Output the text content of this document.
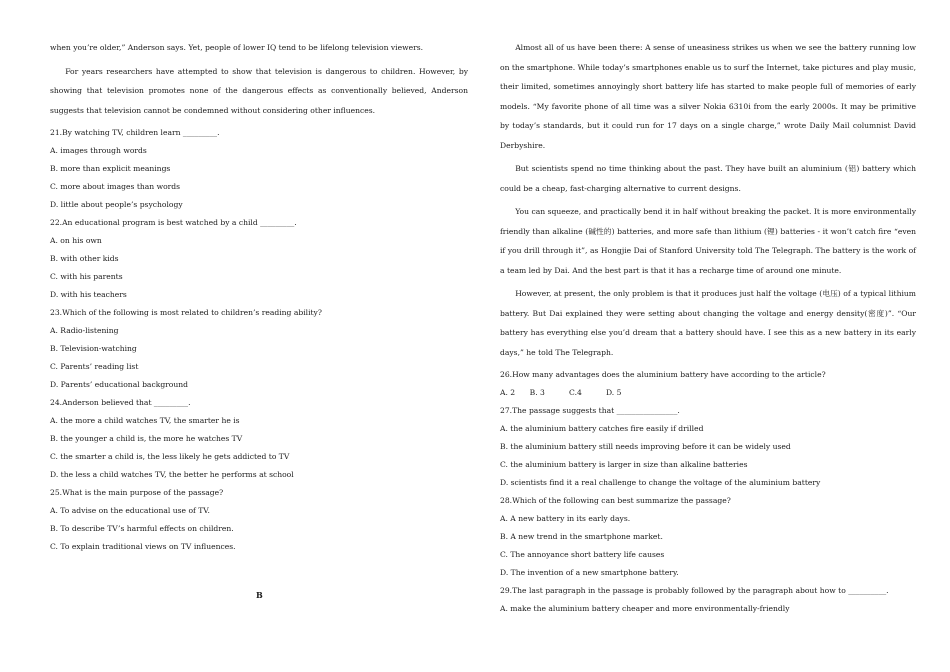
when you’re older,” Anderson says. Yet, people of lower IQ tend to be lifelong television viewers.

For years researchers have attempted to show that television is dangerous to children. However, by showing that television promotes none of the dangerous effects as conventionally believed, Anderson suggests that television cannot be condemned without considering other influences.

21.By watching TV, children learn _________.

A. images through words

B. more than explicit meanings

C. more about images than words

D. little about people’s psychology

22.An educational program is best watched by a child _________.

A. on his own

B. with other kids

C. with his parents

D. with his teachers

23.Which of the following is most related to children’s reading ability?

A. Radio-listening

B. Television-watching

C. Parents’ reading list

D. Parents’ educational background

24.Anderson believed that _________.

A. the more a child watches TV, the smarter he is

B. the younger a child is, the more he watches TV

C. the smarter a child is, the less likely he gets addicted to TV

D. the less a child watches TV, the better he performs at school

25.What is the main purpose of the passage?

A. To advise on the educational use of TV.

B. To describe TV’s harmful effects on children.

C. To explain traditional views on TV influences.

B

Almost all of us have been there: A sense of uneasiness strikes us when we see the battery running low on the smartphone. While today’s smartphones enable us to surf the Internet, take pictures and play music, their limited, sometimes annoyingly short battery life has started to make people full of memories of early models. “My favorite phone of all time was a silver Nokia 6310i from the early 2000s. It may be primitive by today’s standards, but it could run for 17 days on a single charge,” wrote Daily Mail columnist David Derbyshire.

But scientists spend no time thinking about the past. They have built an aluminium (铝) battery which could be a cheap, fast-charging alternative to current designs.

You can squeeze, and practically bend it in half without breaking the packet. It is more environmentally friendly than alkaline (碱性的) batteries, and more safe than lithium (锂) batteries - it won’t catch fire “even if you drill through it”, as Hongjie Dai of Stanford University told The Telegraph. The battery is the work of a team led by Dai. And the best part is that it has a recharge time of around one minute.

However, at present, the only problem is that it produces just half the voltage (电压) of a typical lithium battery. But Dai explained they were setting about changing the voltage and energy density(密度)”. “Our battery has everything else you’d dream that a battery should have. I see this as a new battery in its early days,” he told The Telegraph.

26.How many advantages does the aluminium battery have according to the article?

A. 2 B. 3	C.4	D. 5

27.The passage suggests that ________________.

A. the aluminium battery catches fire easily if drilled

B. the aluminium battery still needs improving before it can be widely used

C. the aluminium battery is larger in size than alkaline batteries

D. scientists find it a real challenge to change the voltage of the aluminium battery

28.Which of the following can best summarize the passage?

A. A new battery in its early days.

B. A new trend in the smartphone market.

C. The annoyance short battery life causes

D. The invention of a new smartphone battery.

29.The last paragraph in the passage is probably followed by the paragraph about how to __________.

A. make the aluminium battery cheaper and more environmentally-friendly
